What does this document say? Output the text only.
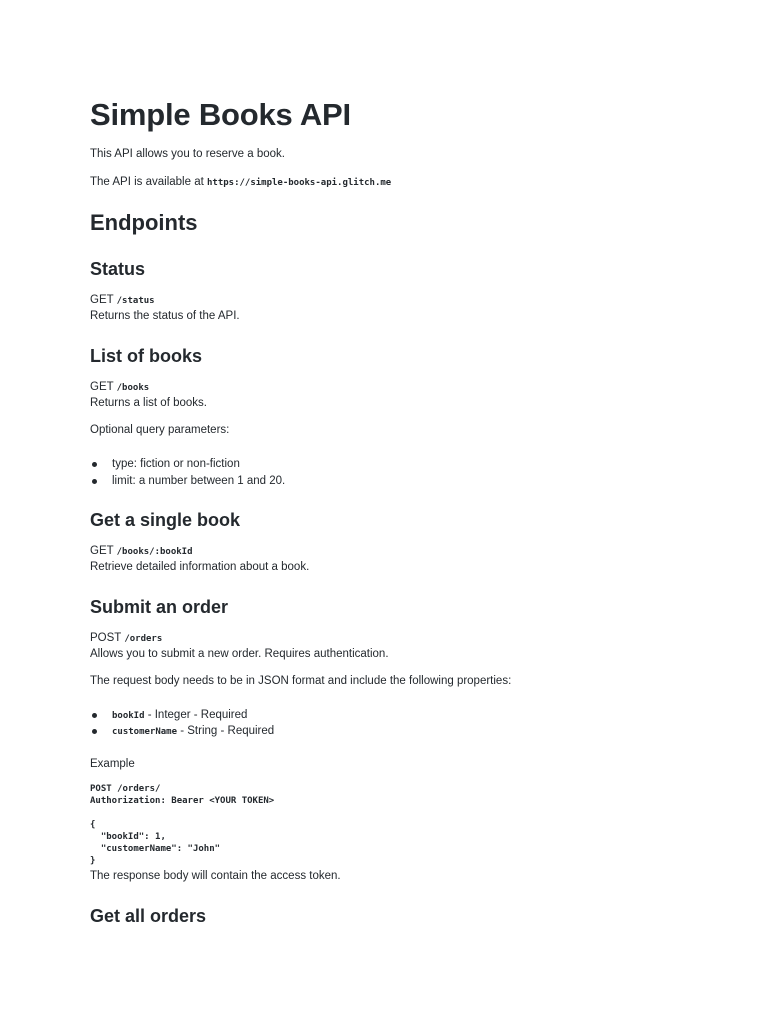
Simple Books API
This API allows you to reserve a book.
The API is available at https://simple-books-api.glitch.me
Endpoints
Status
GET /status
Returns the status of the API.
List of books
GET /books
Returns a list of books.
Optional query parameters:
type: fiction or non-fiction
limit: a number between 1 and 20.
Get a single book
GET /books/:bookId
Retrieve detailed information about a book.
Submit an order
POST /orders
Allows you to submit a new order. Requires authentication.
The request body needs to be in JSON format and include the following properties:
bookId - Integer - Required
customerName - String - Required
Example
POST /orders/
Authorization: Bearer <YOUR TOKEN>

{
"bookId": 1,
"customerName": "John"
}
The response body will contain the access token.
Get all orders
